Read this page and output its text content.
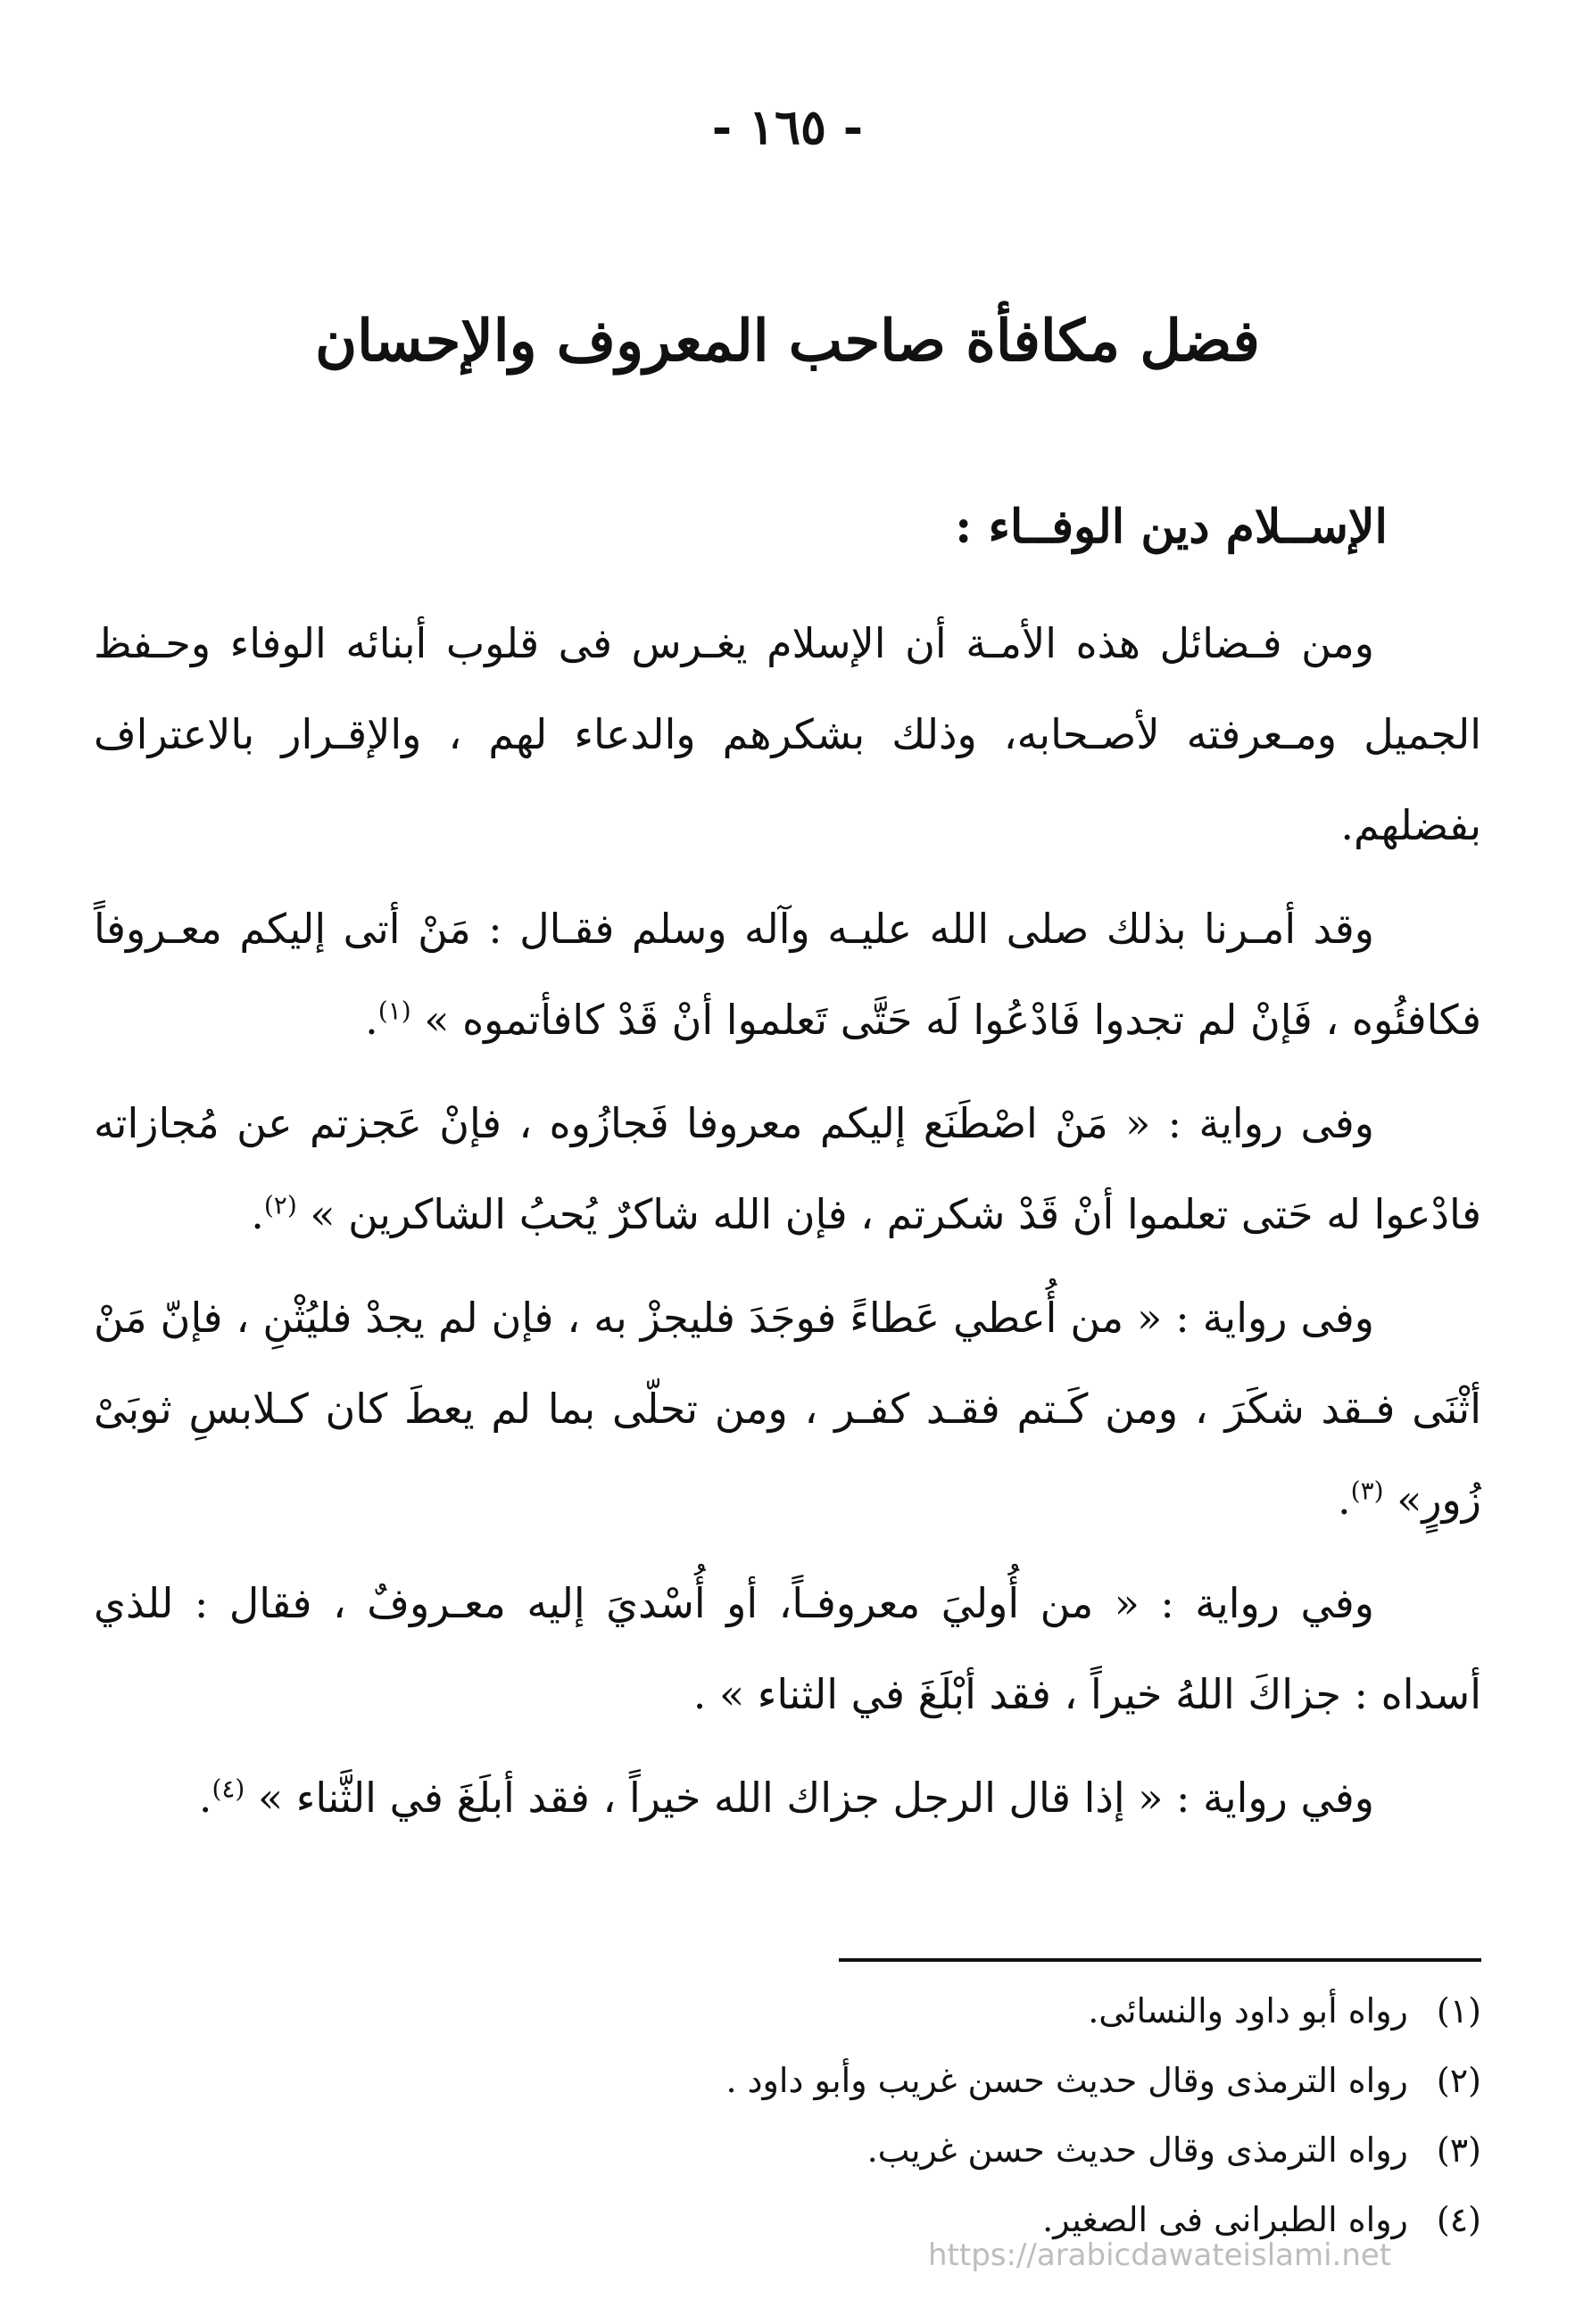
- ١٦٥ -
فضل مكافأة صاحب المعروف والإحسان
الإســلام دين الوفــاء :

ومن فـضائل هذه الأمـة أن الإسلام يغـرس فى قلوب أبنائه الوفاء وحـفظ الجميل ومـعرفته لأصـحابه، وذلك بشكرهم والدعاء لهم ، والإقـرار بالاعتراف بفضلهم.

وقد أمـرنا بذلك صلى الله عليـه وآله وسلم فقـال : مَنْ أتى إليكم معـروفاً فكافئُوه ، فَإنْ لم تجدوا فَادْعُوا لَه حَتَّى تَعلموا أنْ قَدْ كافأتموه » $^{(١)}$.

وفى رواية : « مَنْ اصْطَنَع إليكم معروفا فَجازُوه ، فإنْ عَجزتم عن مُجازاته فادْعوا له حَتى تعلموا أنْ قَدْ شكرتم ، فإن الله شاكرٌ يُحبُ الشاكرين » $^{(٢)}$.

وفى رواية : « من أُعطي عَطاءً فوجَدَ فليجزْ به ، فإن لم يجدْ فليُثْنِ ، فإنّ مَنْ أثْنَى فـقد شكَرَ ، ومن كَـتم فقـد كفـر ، ومن تحلّى بما لم يعطَ كان كـلابسِ ثوبَىْ زُورٍ» $^{(٣)}$.

وفي رواية : « من أُوليَ معروفـاً، أو أُسْديَ إليه معـروفٌ ، فقال : للذي أسداه : جزاكَ اللهُ خيراً ، فقد أبْلَغَ في الثناء » .

وفي رواية : « إذا قال الرجل جزاك الله خيراً ، فقد أبلَغَ في الثَّناء » $^{(٤)}$.

(١) رواه أبو داود والنسائى.
(٢) رواه الترمذى وقال حديث حسن غريب وأبو داود .
(٣) رواه الترمذى وقال حديث حسن غريب.
(٤) رواه الطبرانى فى الصغير.
https://arabicdawateislami.net
